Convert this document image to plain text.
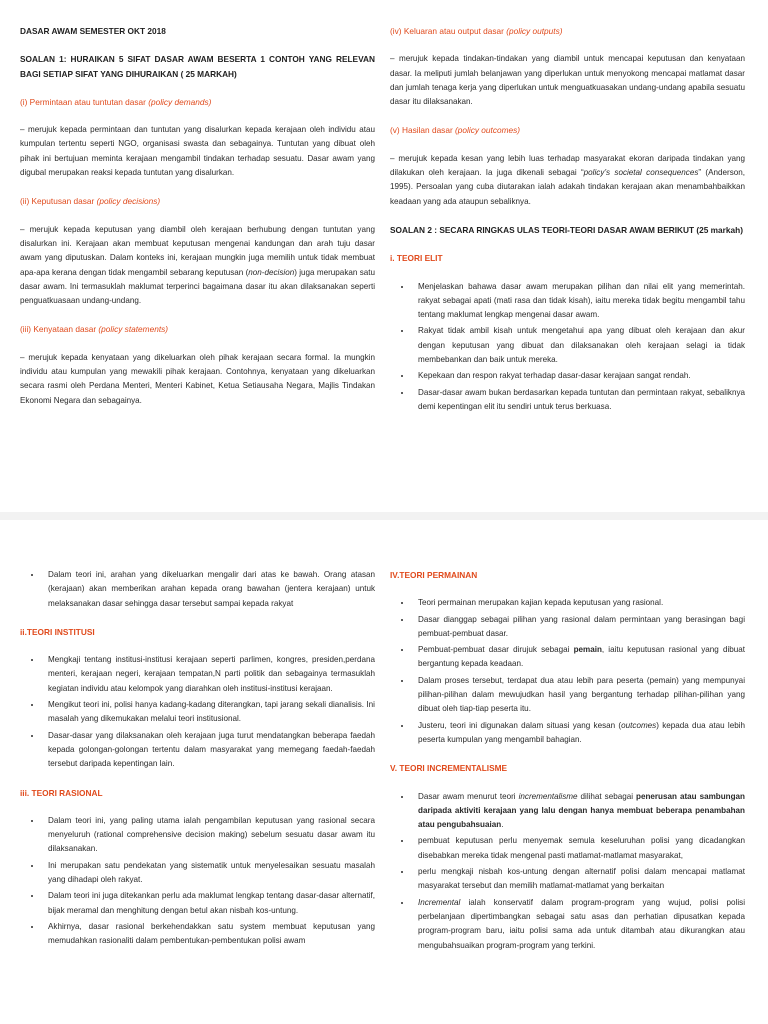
DASAR AWAM SEMESTER OKT 2018
SOALAN 1: HURAIKAN 5 SIFAT DASAR AWAM BESERTA 1 CONTOH YANG RELEVAN BAGI SETIAP SIFAT YANG DIHURAIKAN ( 25 MARKAH)
(i) Permintaan atau tuntutan dasar (policy demands)

– merujuk kepada permintaan dan tuntutan yang disalurkan kepada kerajaan oleh individu atau kumpulan tertentu seperti NGO, organisasi swasta dan sebagainya. Tuntutan yang dibuat oleh pihak ini bertujuan meminta kerajaan mengambil tindakan terhadap sesuatu. Dasar awam yang digubal merupakan reaksi kepada tuntutan yang disalurkan.

(ii) Keputusan dasar (policy decisions)

– merujuk kepada keputusan yang diambil oleh kerajaan berhubung dengan tuntutan yang disalurkan ini. Kerajaan akan membuat keputusan mengenai kandungan dan arah tuju dasar awam yang diputuskan. Dalam konteks ini, kerajaan mungkin juga memilih untuk tidak membuat apa-apa kerana dengan tidak mengambil sebarang keputusan (non-decision) juga merupakan satu dasar awam. Ini termasuklah maklumat terperinci bagaimana dasar itu akan dilaksanakan seperti penguatkuasaan undang-undang.

(iii) Kenyataan dasar (policy statements)

– merujuk kepada kenyataan yang dikeluarkan oleh pihak kerajaan secara formal. Ia mungkin individu atau kumpulan yang mewakili pihak kerajaan. Contohnya, kenyataan yang dikeluarkan secara rasmi oleh Perdana Menteri, Menteri Kabinet, Ketua Setiausaha Negara, Majlis Tindakan Ekonomi Negara dan sebagainya.

(iv) Keluaran atau output dasar (policy outputs)

– merujuk kepada tindakan-tindakan yang diambil untuk mencapai keputusan dan kenyataan dasar. Ia meliputi jumlah belanjawan yang diperlukan untuk menyokong mencapai matlamat dasar dan jumlah tenaga kerja yang diperlukan untuk menguatkuasakan undang-undang apabila sesuatu dasar itu dilaksanakan.

(v) Hasilan dasar (policy outcomes)

– merujuk kepada kesan yang lebih luas terhadap masyarakat ekoran daripada tindakan yang dilakukan oleh kerajaan. Ia juga dikenali sebagai “policy’s societal consequences” (Anderson, 1995). Persoalan yang cuba diutarakan ialah adakah tindakan kerajaan akan menambahbaikkan keadaan yang ada ataupun sebaliknya.

SOALAN 2 : SECARA RINGKAS ULAS TEORI-TEORI DASAR AWAM BERIKUT (25 markah)
i. TEORI ELIT
• Menjelaskan bahawa dasar awam merupakan pilihan dan nilai elit yang memerintah. rakyat sebagai apati (mati rasa dan tidak kisah), iaitu mereka tidak begitu mengambil tahu tentang maklumat lengkap mengenai dasar awam.
• Rakyat tidak ambil kisah untuk mengetahui apa yang dibuat oleh kerajaan dan akur dengan keputusan yang dibuat dan dilaksanakan oleh kerajaan selagi ia tidak membebankan dan baik untuk mereka.
• Kepekaan dan respon rakyat terhadap dasar-dasar kerajaan sangat rendah.
• Dasar-dasar awam bukan berdasarkan kepada tuntutan dan permintaan rakyat, sebaliknya demi kepentingan elit itu sendiri untuk terus berkuasa.
• Dalam teori ini, arahan yang dikeluarkan mengalir dari atas ke bawah. Orang atasan (kerajaan) akan memberikan arahan kepada orang bawahan (jentera kerajaan) untuk melaksanakan dasar sehingga dasar tersebut sampai kepada rakyat
ii.TEORI INSTITUSI
• Mengkaji tentang institusi-institusi kerajaan seperti parlimen, kongres, presiden,perdana menteri, kerajaan negeri, kerajaan tempatan,N parti politik dan sebagainya termasuklah kegiatan individu atau kelompok yang diarahkan oleh institusi-institusi kerajaan.
• Mengikut teori ini, polisi hanya kadang-kadang diterangkan, tapi jarang sekali dianalisis. Ini masalah yang dikemukakan melalui teori institusional.
• Dasar-dasar yang dilaksanakan oleh kerajaan juga turut mendatangkan beberapa faedah kepada golongan-golongan tertentu dalam masyarakat yang memegang faedah-faedah tersebut daripada kepentingan lain.
iii. TEORI RASIONAL
• Dalam teori ini, yang paling utama ialah pengambilan keputusan yang rasional secara menyeluruh (rational comprehensive decision making) sebelum sesuatu dasar awam itu dilaksanakan.
• Ini merupakan satu pendekatan yang sistematik untuk menyelesaikan sesuatu masalah yang dihadapi oleh rakyat.
• Dalam teori ini juga ditekankan perlu ada maklumat lengkap tentang dasar-dasar alternatif, bijak meramal dan menghitung dengan betul akan nisbah kos-untung.
• Akhirnya, dasar rasional berkehendakkan satu system membuat keputusan yang memudahkan rasionaliti dalam pembentukan-pembentukan polisi awam
IV.TEORI PERMAINAN
• Teori permainan merupakan kajian kepada keputusan yang rasional.
• Dasar dianggap sebagai pilihan yang rasional dalam permintaan yang berasingan bagi pembuat-pembuat dasar.
• Pembuat-pembuat dasar dirujuk sebagai pemain, iaitu keputusan rasional yang dibuat bergantung kepada keadaan.
• Dalam proses tersebut, terdapat dua atau lebih para peserta (pemain) yang mempunyai pilihan-pilihan dalam mewujudkan hasil yang bergantung terhadap pilihan-pilihan yang dibuat oleh tiap-tiap peserta itu.
• Justeru, teori ini digunakan dalam situasi yang kesan (outcomes) kepada dua atau lebih peserta kumpulan yang mengambil bahagian.
V. TEORI INCREMENTALISME
• Dasar awam menurut teori incrementalisme dilihat sebagai penerusan atau sambungan daripada aktiviti kerajaan yang lalu dengan hanya membuat beberapa penambahan atau pengubahsuaian.
• pembuat keputusan perlu menyemak semula keseluruhan polisi yang dicadangkan disebabkan mereka tidak mengenal pasti matlamat-matlamat masyarakat,
• perlu mengkaji nisbah kos-untung dengan alternatif polisi dalam mencapai matlamat masyarakat tersebut dan memilih matlamat-matlamat yang berkaitan
• Incremental ialah konservatif dalam program-program yang wujud, polisi polisi perbelanjaan dipertimbangkan sebagai satu asas dan perhatian dipusatkan kepada program-program baru, iaitu polisi sama ada untuk ditambah atau dikurangkan atau mengubahsuaikan program-program yang terkini.
